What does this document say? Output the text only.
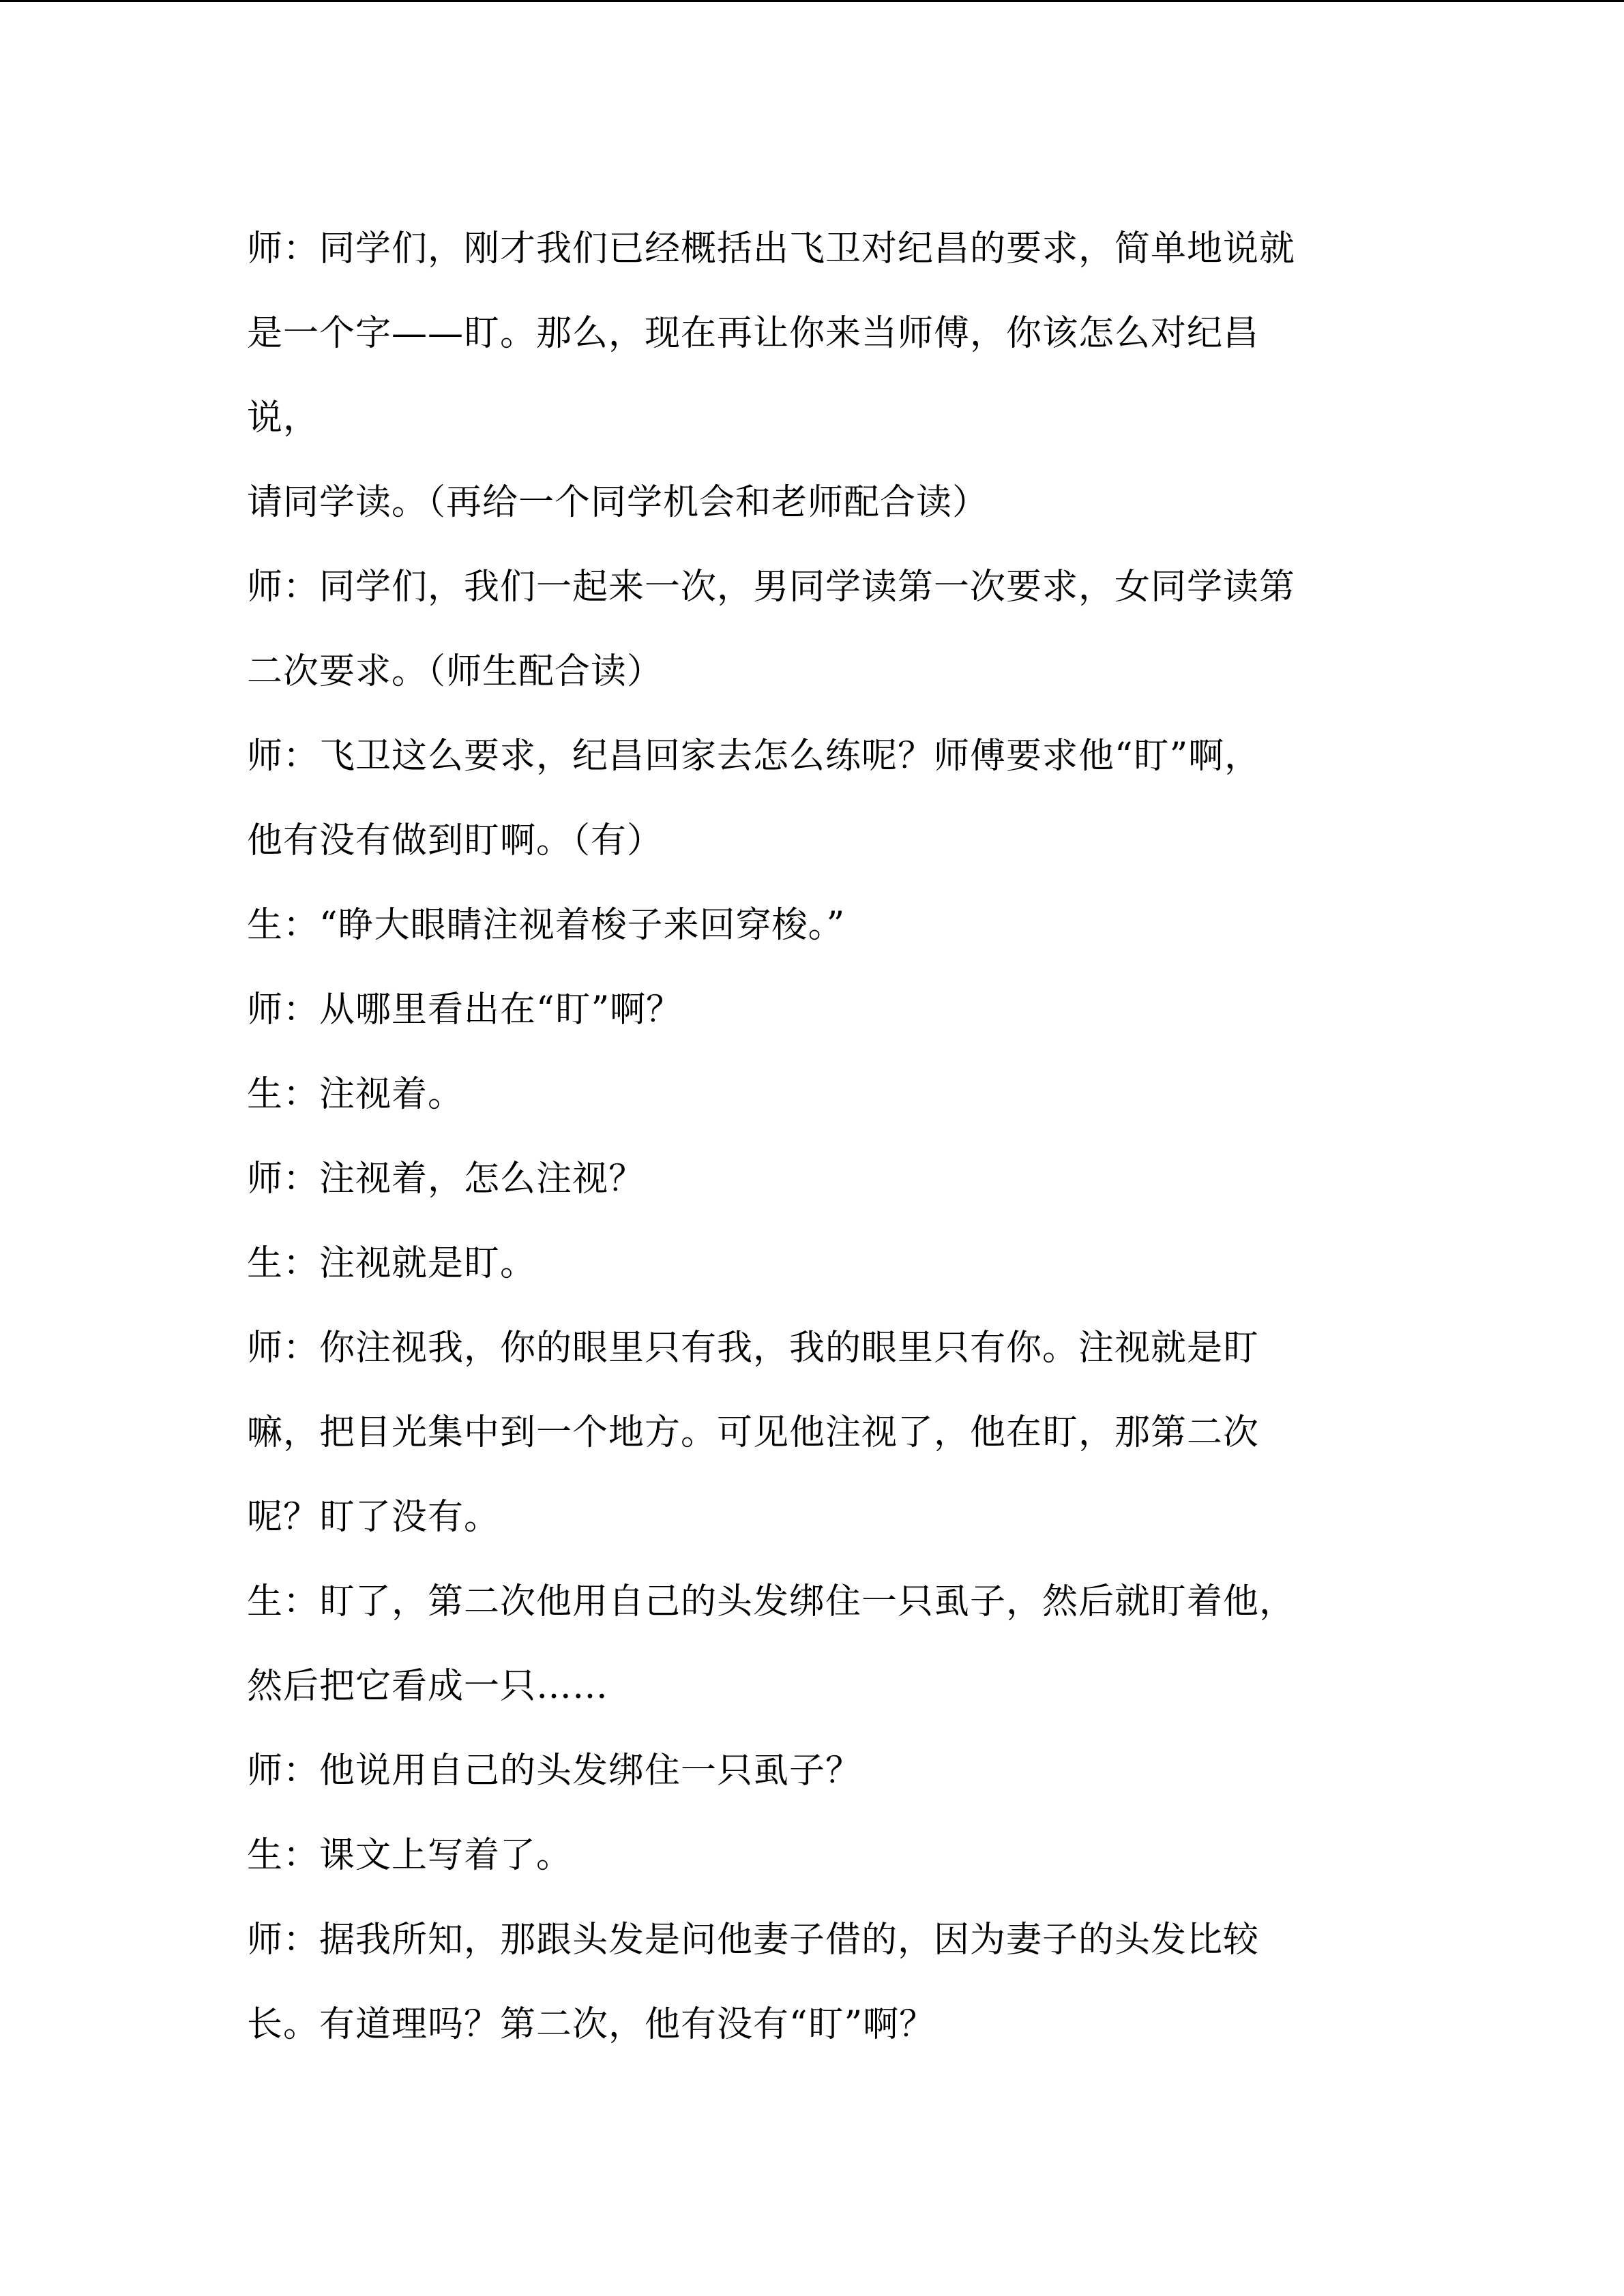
师：同学们，刚才我们已经概括出飞卫对纪昌的要求，简单地说就
是一个字——盯。那么，现在再让你来当师傅，你该怎么对纪昌
说，
请同学读。（再给一个同学机会和老师配合读）
师：同学们，我们一起来一次，男同学读第一次要求，女同学读第
二次要求。（师生配合读）
师：飞卫这么要求，纪昌回家去怎么练呢？师傅要求他“盯”啊，
他有没有做到盯啊。（有）
生：“睁大眼睛注视着梭子来回穿梭。”
师：从哪里看出在“盯”啊？
生：注视着。
师：注视着，怎么注视？
生：注视就是盯。
师：你注视我，你的眼里只有我，我的眼里只有你。注视就是盯
嘛，把目光集中到一个地方。可见他注视了，他在盯，那第二次
呢？盯了没有。
生：盯了，第二次他用自己的头发绑住一只虱子，然后就盯着他，
然后把它看成一只……
师：他说用自己的头发绑住一只虱子？
生：课文上写着了。
师：据我所知，那跟头发是问他妻子借的，因为妻子的头发比较
长。有道理吗？第二次，他有没有“盯”啊？
